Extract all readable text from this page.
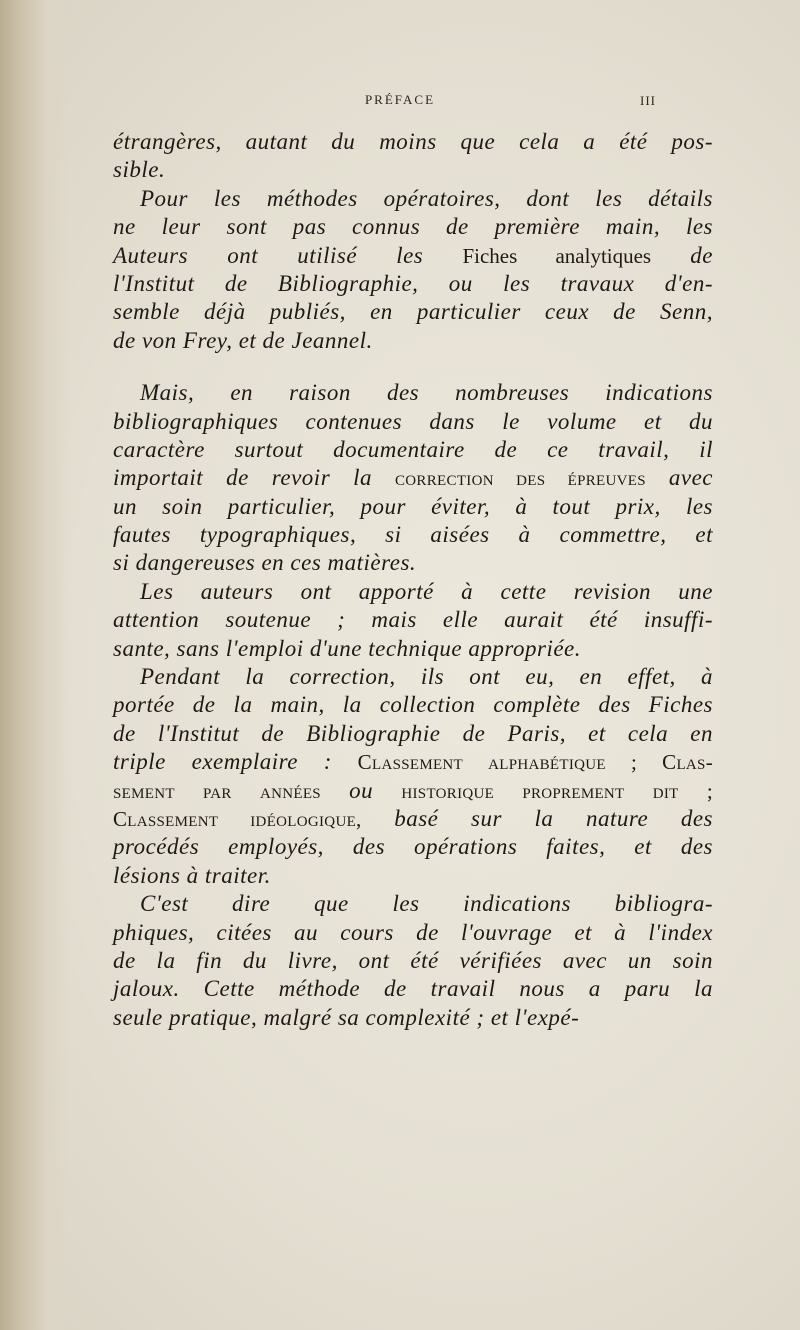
PRÉFACE	III
étrangères, autant du moins que cela a été pos-
sible.
Pour les méthodes opératoires, dont les détails
ne leur sont pas connus de première main, les
Auteurs ont utilisé les Fiches analytiques de
l'Institut de Bibliographie, ou les travaux d'en-
semble déjà publiés, en particulier ceux de Senn,
de von Frey, et de Jeannel.
Mais, en raison des nombreuses indications
bibliographiques contenues dans le volume et du
caractère surtout documentaire de ce travail, il
importait de revoir la correction des épreuves avec
un soin particulier, pour éviter, à tout prix, les
fautes typographiques, si aisées à commettre, et
si dangereuses en ces matières.
Les auteurs ont apporté à cette revision une
attention soutenue ; mais elle aurait été insuffi-
sante, sans l'emploi d'une technique appropriée.
Pendant la correction, ils ont eu, en effet, à
portée de la main, la collection complète des Fiches
de l'Institut de Bibliographie de Paris, et cela en
triple exemplaire : Classement alphabétique ; Clas-
sement par années ou historique proprement dit ;
Classement idéologique, basé sur la nature des
procédés employés, des opérations faites, et des
lésions à traiter.
C'est dire que les indications bibliogra-
phiques, citées au cours de l'ouvrage et à l'index
de la fin du livre, ont été vérifiées avec un soin
jaloux. Cette méthode de travail nous a paru la
seule pratique, malgré sa complexité ; et l'expé-
